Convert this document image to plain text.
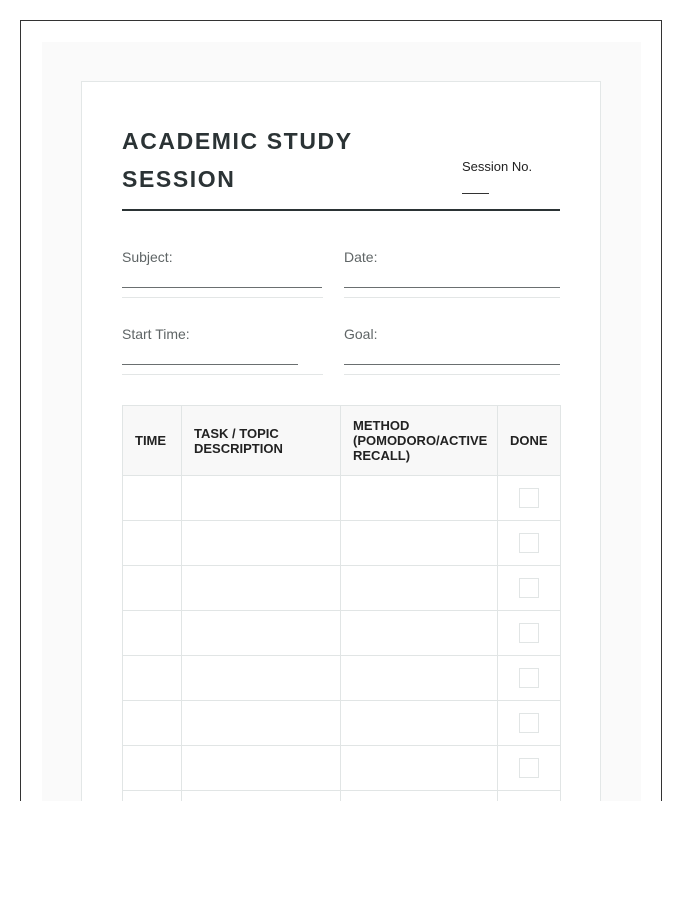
ACADEMIC STUDY
SESSION	Session No.
Subject:	Date:
Start Time:	Goal:
TIME	TASK / TOPIC DESCRIPTION	METHOD (POMODORO/ACTIVE RECALL)	DONE
